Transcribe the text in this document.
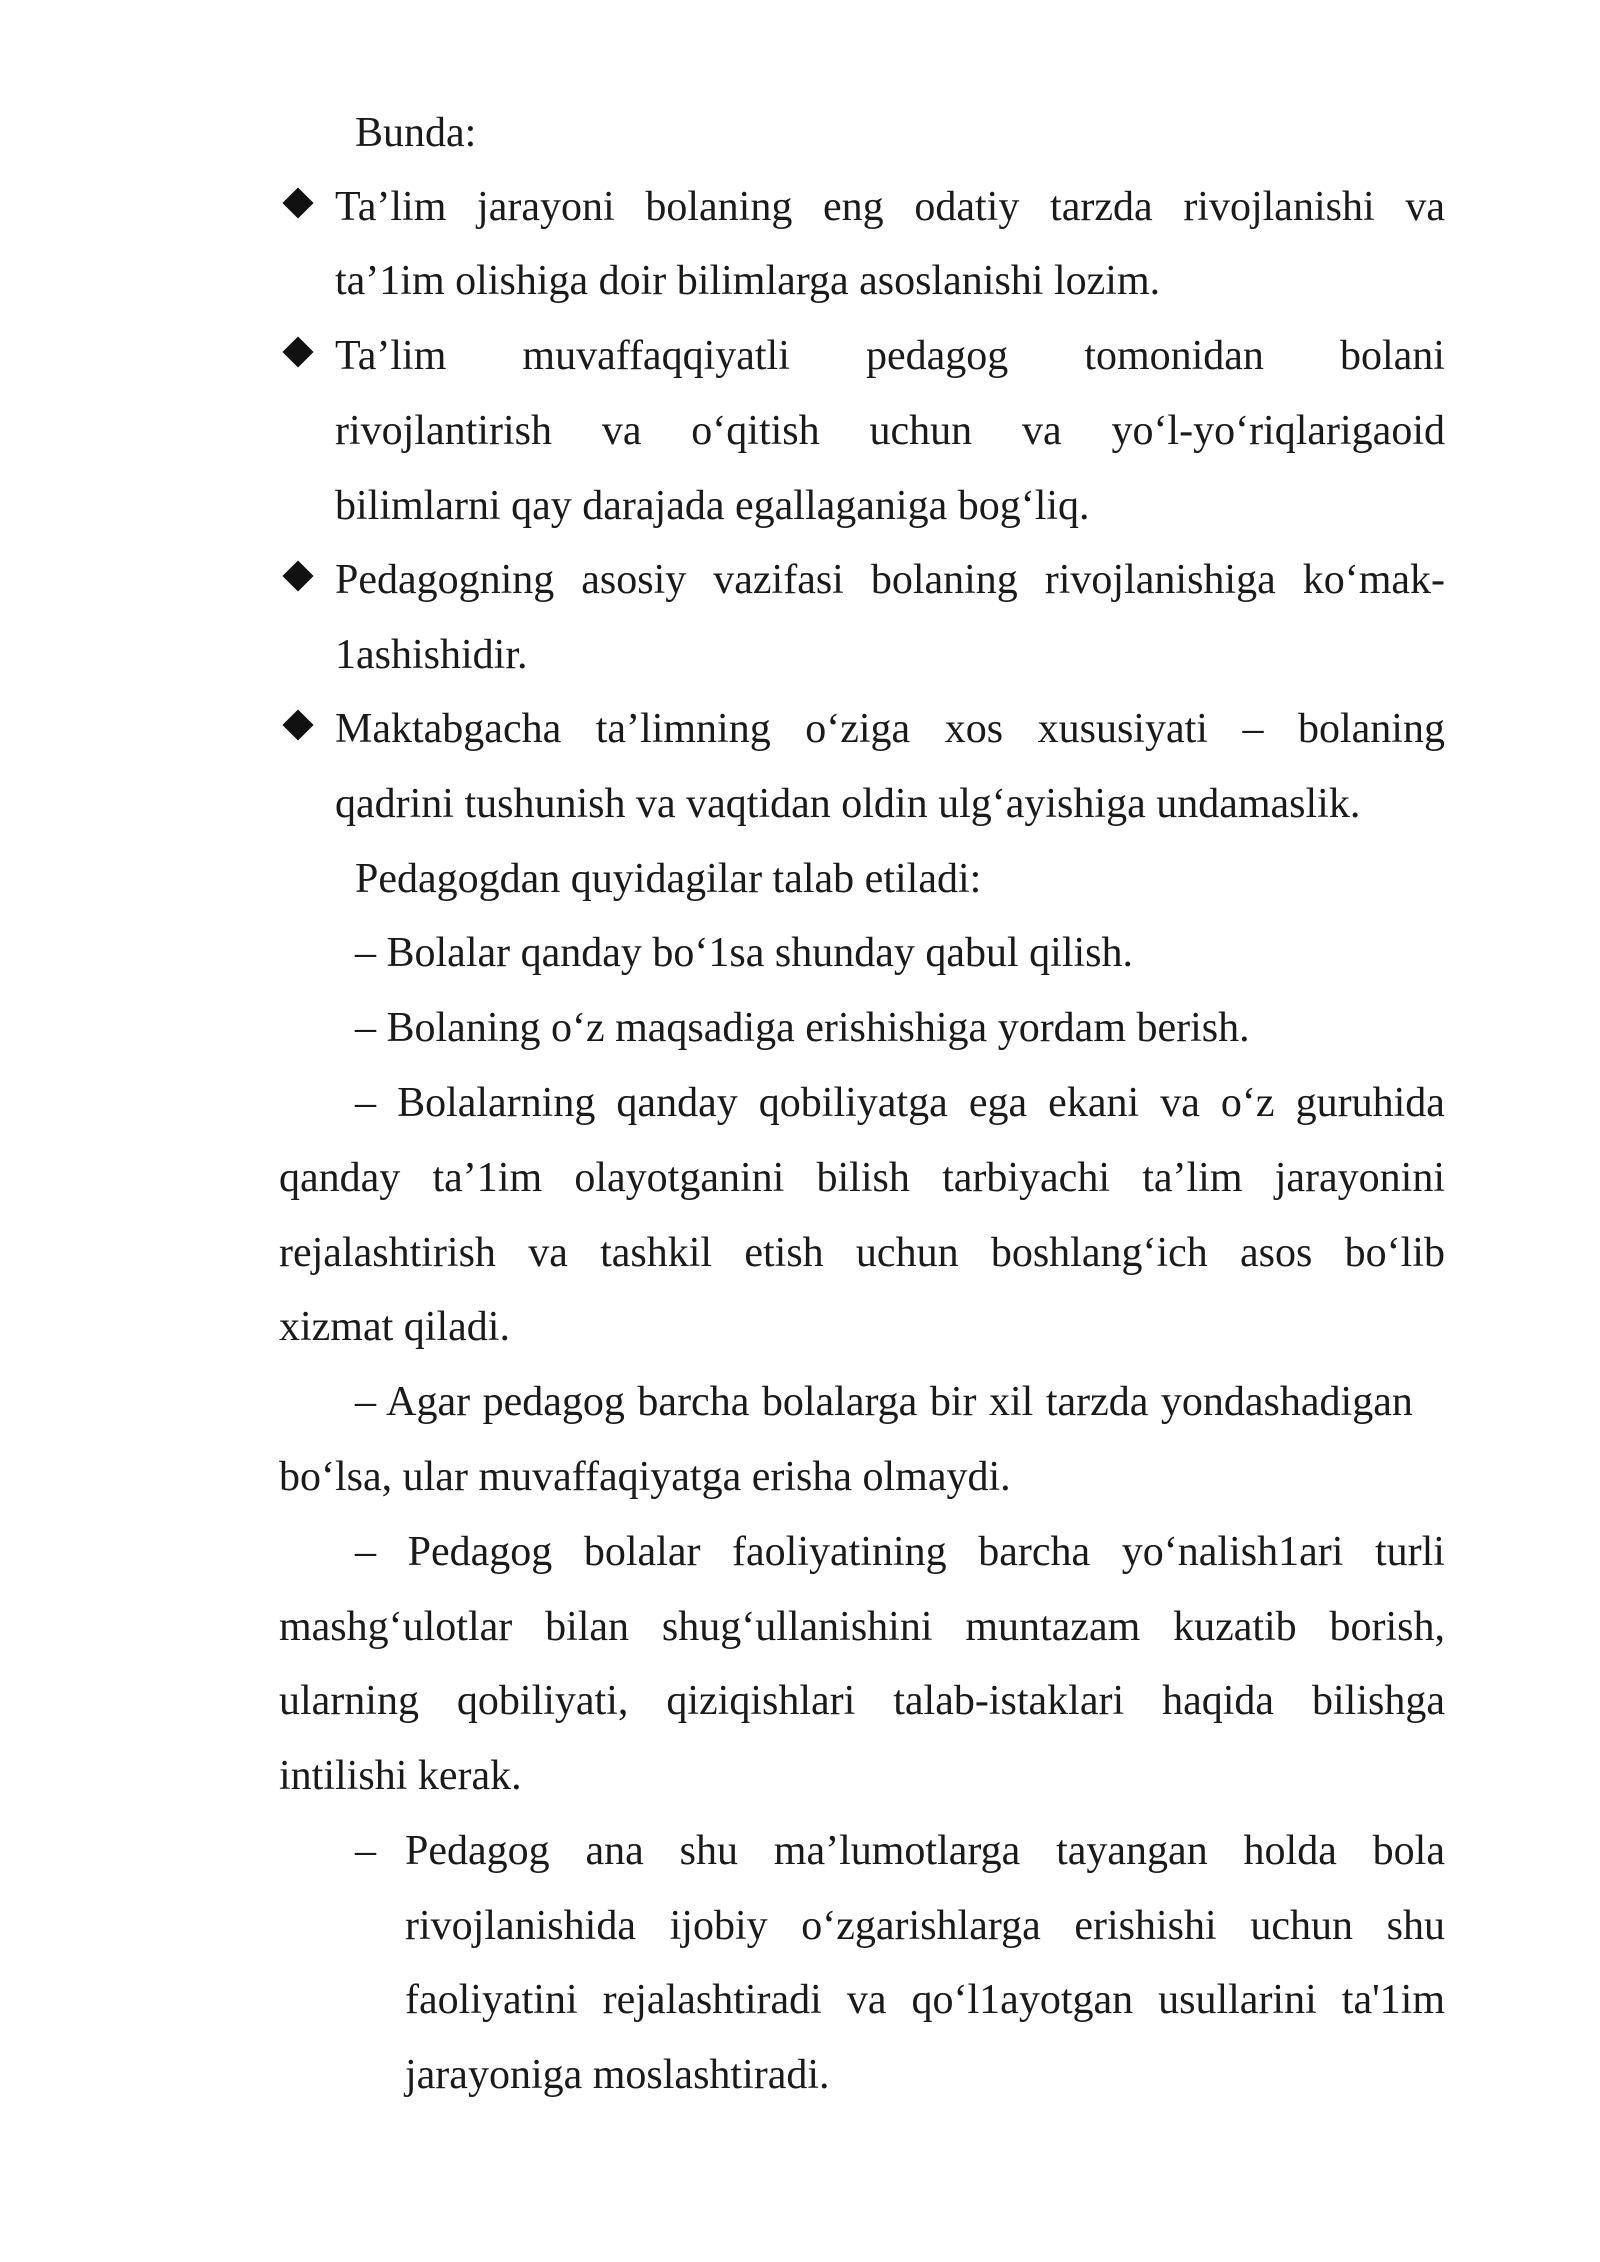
Bunda:
Ta’lim jarayoni bolaning eng odatiy tarzda rivojlanishi va
ta’1im olishiga doir bilimlarga asoslanishi lozim.
Ta’lim muvaffaqqiyatli pedagog tomonidan bolani
rivojlantirish va o‘qitish uchun va yo‘l-yo‘riqlarigaoid
bilimlarni qay darajada egallaganiga bog‘liq.
Pedagogning asosiy vazifasi bolaning rivojlanishiga ko‘mak-
1ashishidir.
Maktabgacha ta’limning o‘ziga xos xususiyati – bolaning
qadrini tushunish va vaqtidan oldin ulg‘ayishiga undamaslik.
Pedagogdan quyidagilar talab etiladi:
– Bolalar qanday bo‘1sa shunday qabul qilish.
– Bolaning o‘z maqsadiga erishishiga yordam berish.
– Bolalarning qanday qobiliyatga ega ekani va o‘z guruhida
qanday ta’1im olayotganini bilish tarbiyachi ta’lim jarayonini
rejalashtirish va tashkil etish uchun boshlang‘ich asos bo‘lib
xizmat qiladi.
– Agar pedagog barcha bolalarga bir xil tarzda yondashadigan
bo‘lsa, ular muvaffaqiyatga erisha olmaydi.
– Pedagog bolalar faoliyatining barcha yo‘nalish1ari turli
mashg‘ulotlar bilan shug‘ullanishini muntazam kuzatib borish,
ularning qobiliyati, qiziqishlari talab-istaklari haqida bilishga
intilishi kerak.
– Pedagog ana shu ma’lumotlarga tayangan holda bola
rivojlanishida ijobiy o‘zgarishlarga erishishi uchun shu
faoliyatini rejalashtiradi va qo‘l1ayotgan usullarini ta'1im
jarayoniga moslashtiradi.
